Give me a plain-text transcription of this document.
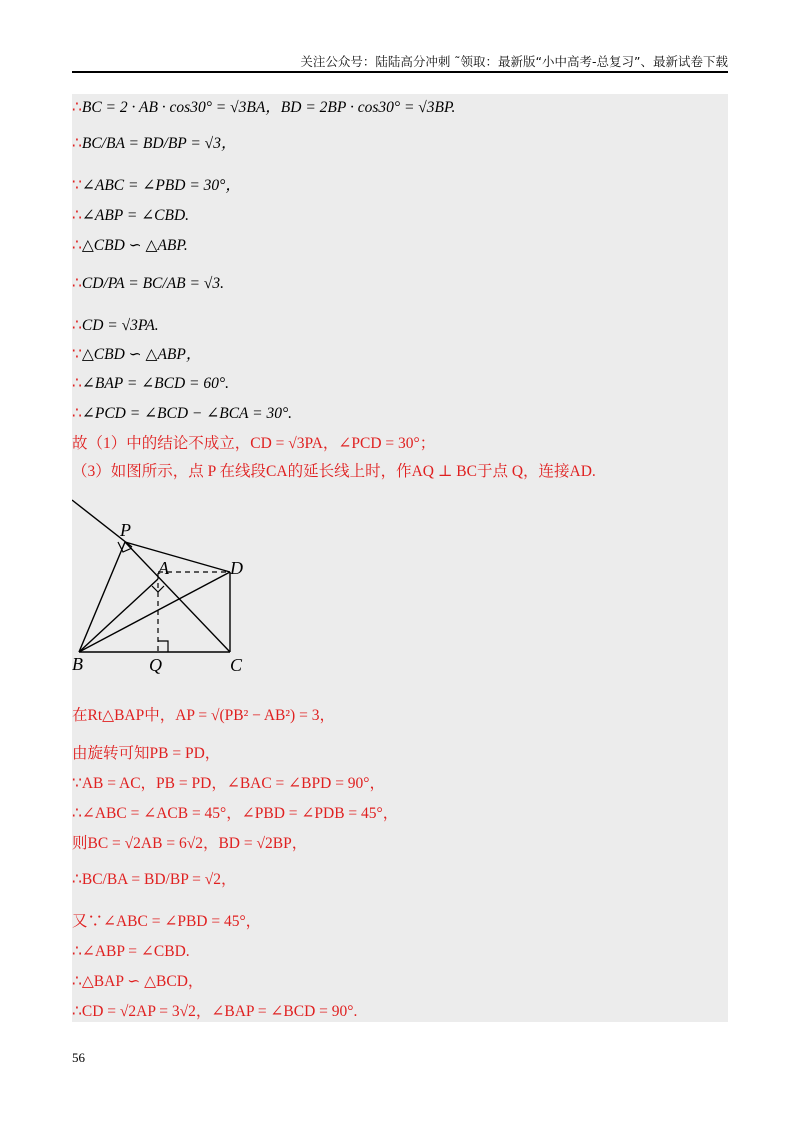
关注公众号：陆陆高分冲刺 ˜领取：最新版“小中高考-总复习”、最新试卷下载
∴BC = 2 · AB · cos30° = √3BA，BD = 2BP · cos30° = √3BP.
∴BC/BA = BD/BP = √3，
∵∠ABC = ∠PBD = 30°，
∴∠ABP = ∠CBD.
∴△CBD ∽ △ABP.
∴CD/PA = BC/AB = √3.
∴CD = √3PA.
∵△CBD ∽ △ABP，
∴∠BAP = ∠BCD = 60°.
∴∠PCD = ∠BCD − ∠BCA = 30°.
故（1）中的结论不成立，CD = √3PA，∠PCD = 30°；
（3）如图所示，点 P 在线段CA的延长线上时，作AQ ⊥ BC于点 Q，连接AD.
P
A	D
B	Q	C
在Rt△BAP中，AP = √(PB² − AB²) = 3，
由旋转可知PB = PD，
∵AB = AC，PB = PD，∠BAC = ∠BPD = 90°，
∴∠ABC = ∠ACB = 45°，∠PBD = ∠PDB = 45°，
则BC = √2AB = 6√2，BD = √2BP，
∴BC/BA = BD/BP = √2，
又∵∠ABC = ∠PBD = 45°，
∴∠ABP = ∠CBD.
∴△BAP ∽ △BCD，
∴CD = √2AP = 3√2，∠BAP = ∠BCD = 90°.
56
